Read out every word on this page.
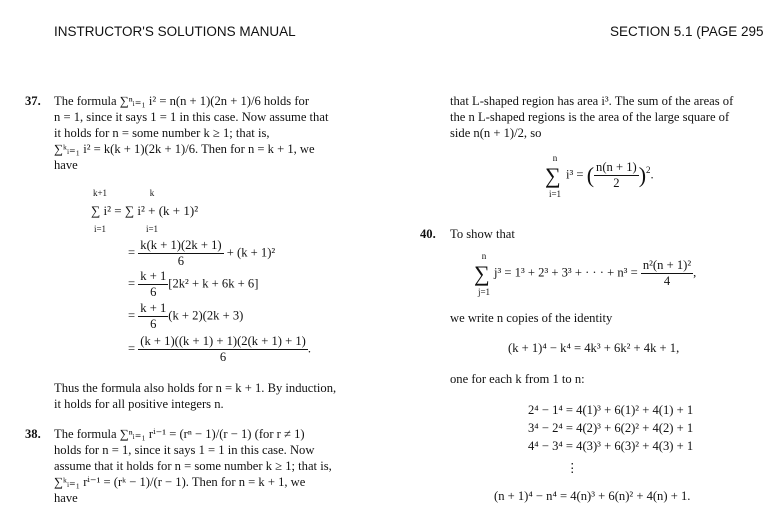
INSTRUCTOR'S SOLUTIONS MANUAL	SECTION 5.1 (PAGE 295
37. The formula ∑ⁿᵢ₌₁ i² = n(n + 1)(2n + 1)/6 holds for
n = 1, since it says 1 = 1 in this case. Now assume that
it holds for n = some number k ≥ 1; that is,
∑ᵏᵢ₌₁ i² = k(k + 1)(2k + 1)/6. Then for n = k + 1, we
have
k+1	k
∑ i² = ∑ i² + (k + 1)²
i=1	i=1
= $\frac{k(k + 1)(2k + 1)}{6} + (k + 1)^2$
= $\frac{k + 1}{6} [2k^2 + k + 6k + 6]$
= $\frac{k + 1}{6} (k + 2)(2k + 3)$
= $\frac{(k + 1)((k + 1) + 1)(2(k + 1) + 1)}{6}$ .
Thus the formula also holds for n = k + 1. By induction,
it holds for all positive integers n.
38. The formula ∑ⁿᵢ₌₁ rⁱ⁻¹ = (rⁿ − 1)/(r − 1) (for r ≠ 1)
holds for n = 1, since it says 1 = 1 in this case. Now
assume that it holds for n = some number k ≥ 1; that is,
∑ᵏᵢ₌₁ rⁱ⁻¹ = (rᵏ − 1)/(r − 1). Then for n = k + 1, we
have
that L-shaped region has area i³. The sum of the areas of
the n L-shaped regions is the area of the large square of
side n(n + 1)/2, so
n
∑
i=1
i³ = ( $\frac{n(n + 1)}{2} )^2$.
40. To show that
n
∑
j=1
j³ = 1³ + 2³ + 3³ + · · · + $n^3 = \frac{\text{n²(n + 1)²}}{4}$ ,
we write n copies of the identity
(k + 1)⁴ − k⁴ = 4k³ + 6k² + 4k + 1,
one for each k from 1 to n:
2⁴ − 1⁴ = 4(1)³ + 6(1)² + 4(1) + 1
3⁴ − 2⁴ = 4(2)³ + 6(2)² + 4(2) + 1
4⁴ − 3⁴ = 4(3)³ + 6(3)² + 4(3) + 1
⋮
(n + 1)⁴ − n⁴ = 4(n)³ + 6(n)² + 4(n) + 1.
